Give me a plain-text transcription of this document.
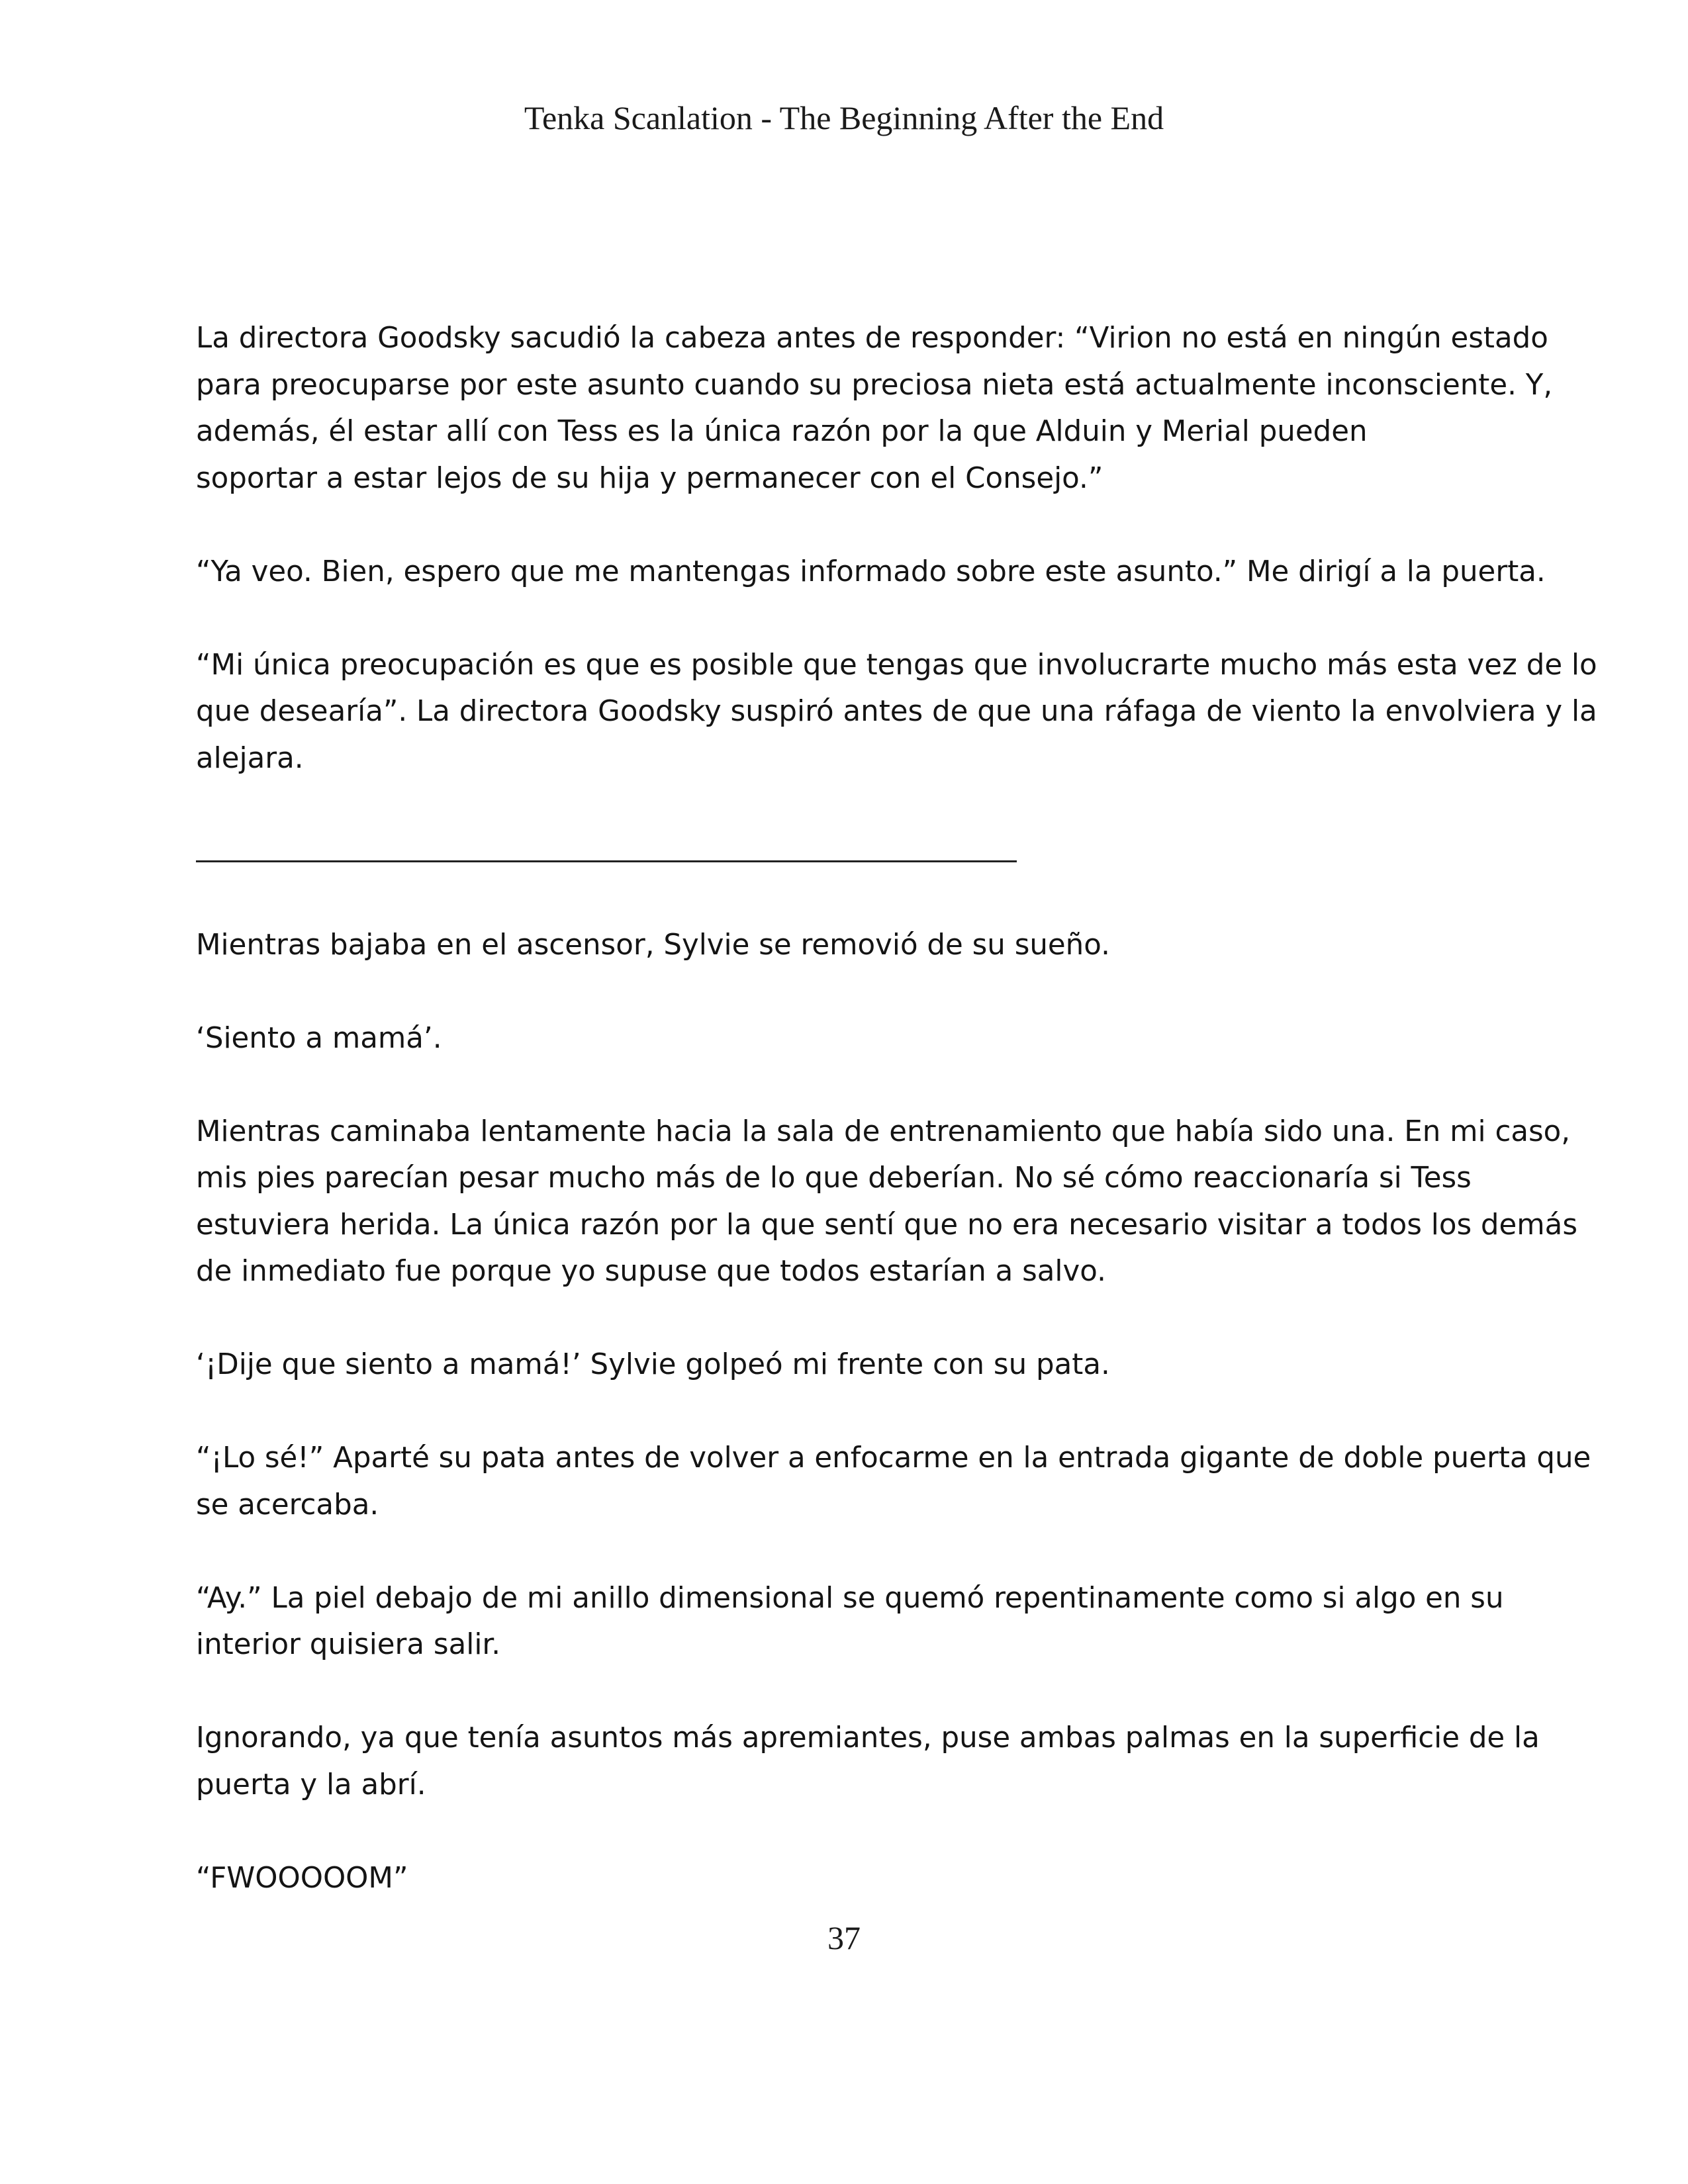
Tenka Scanlation - The Beginning After the End

La directora Goodsky sacudió la cabeza antes de responder: “Virion no está en ningún estado
para preocuparse por este asunto cuando su preciosa nieta está actualmente inconsciente. Y,
además, él estar allí con Tess es la única razón por la que Alduin y Merial pueden
soportar a estar lejos de su hija y permanecer con el Consejo.”

“Ya veo. Bien, espero que me mantengas informado sobre este asunto.” Me dirigí a la puerta.

“Mi única preocupación es que es posible que tengas que involucrarte mucho más esta vez de lo
que desearía”. La directora Goodsky suspiró antes de que una ráfaga de viento la envolviera y la
alejara.

Mientras bajaba en el ascensor, Sylvie se removió de su sueño.

‘Siento a mamá’.

Mientras caminaba lentamente hacia la sala de entrenamiento que había sido una. En mi caso,
mis pies parecían pesar mucho más de lo que deberían. No sé cómo reaccionaría si Tess
estuviera herida. La única razón por la que sentí que no era necesario visitar a todos los demás
de inmediato fue porque yo supuse que todos estarían a salvo.

‘¡Dije que siento a mamá!’ Sylvie golpeó mi frente con su pata.

“¡Lo sé!” Aparté su pata antes de volver a enfocarme en la entrada gigante de doble puerta que
se acercaba.

“Ay.” La piel debajo de mi anillo dimensional se quemó repentinamente como si algo en su
interior quisiera salir.

Ignorando, ya que tenía asuntos más apremiantes, puse ambas palmas en la superficie de la
puerta y la abrí.

“FWOOOOOM”

37
